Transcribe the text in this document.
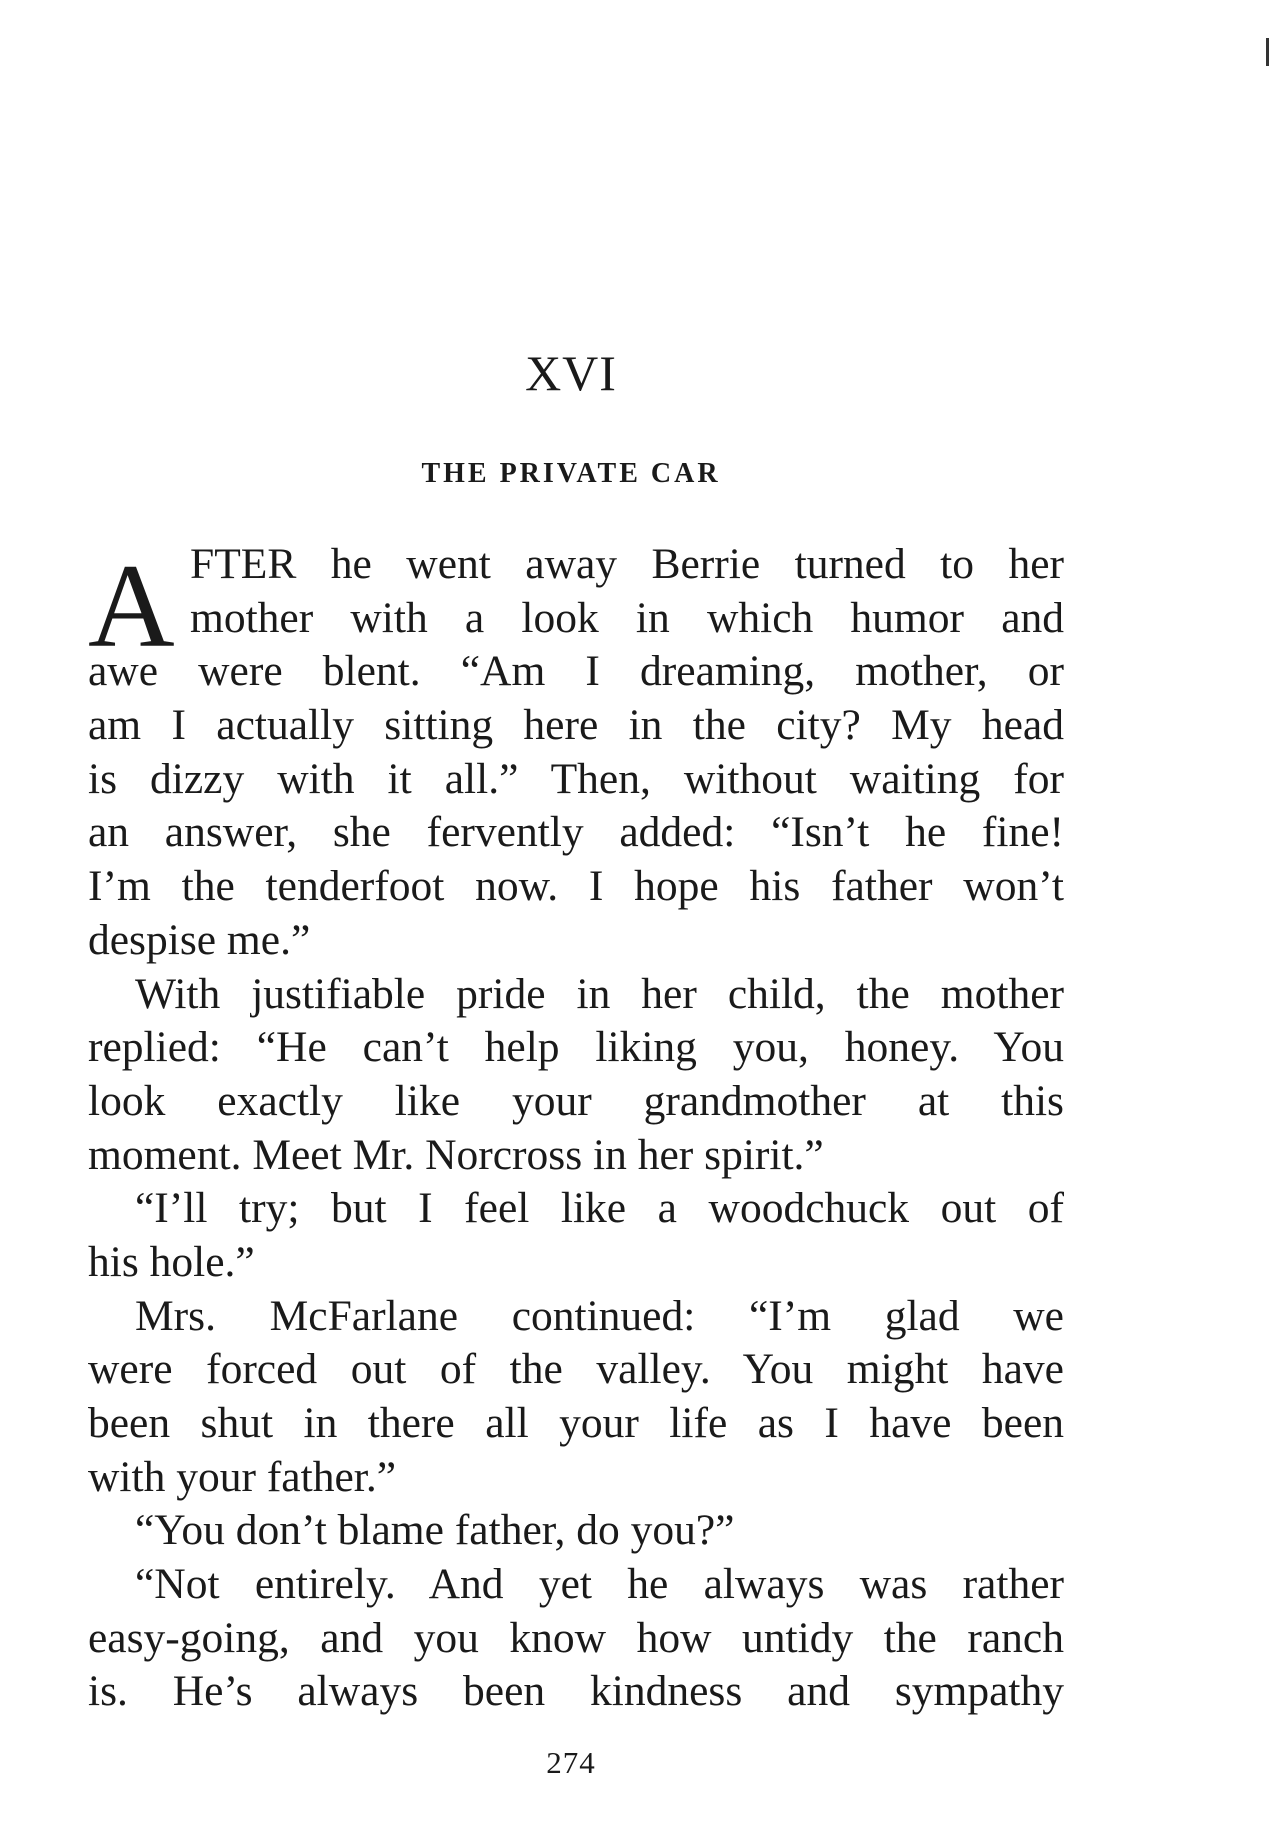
XVI
THE PRIVATE CAR
A FTER he went away Berrie turned to her
mother with a look in which humor and
awe were blent. “Am I dreaming, mother, or
am I actually sitting here in the city? My head
is dizzy with it all.” Then, without waiting for
an answer, she fervently added: “Isn’t he fine!
I’m the tenderfoot now. I hope his father won’t
despise me.”
With justifiable pride in her child, the mother
replied: “He can’t help liking you, honey. You
look exactly like your grandmother at this
moment. Meet Mr. Norcross in her spirit.”
“I’ll try; but I feel like a woodchuck out of
his hole.”
Mrs. McFarlane continued: “I’m glad we
were forced out of the valley. You might have
been shut in there all your life as I have been
with your father.”
“You don’t blame father, do you?”
“Not entirely. And yet he always was rather
easy-going, and you know how untidy the ranch
is. He’s always been kindness and sympathy
274
